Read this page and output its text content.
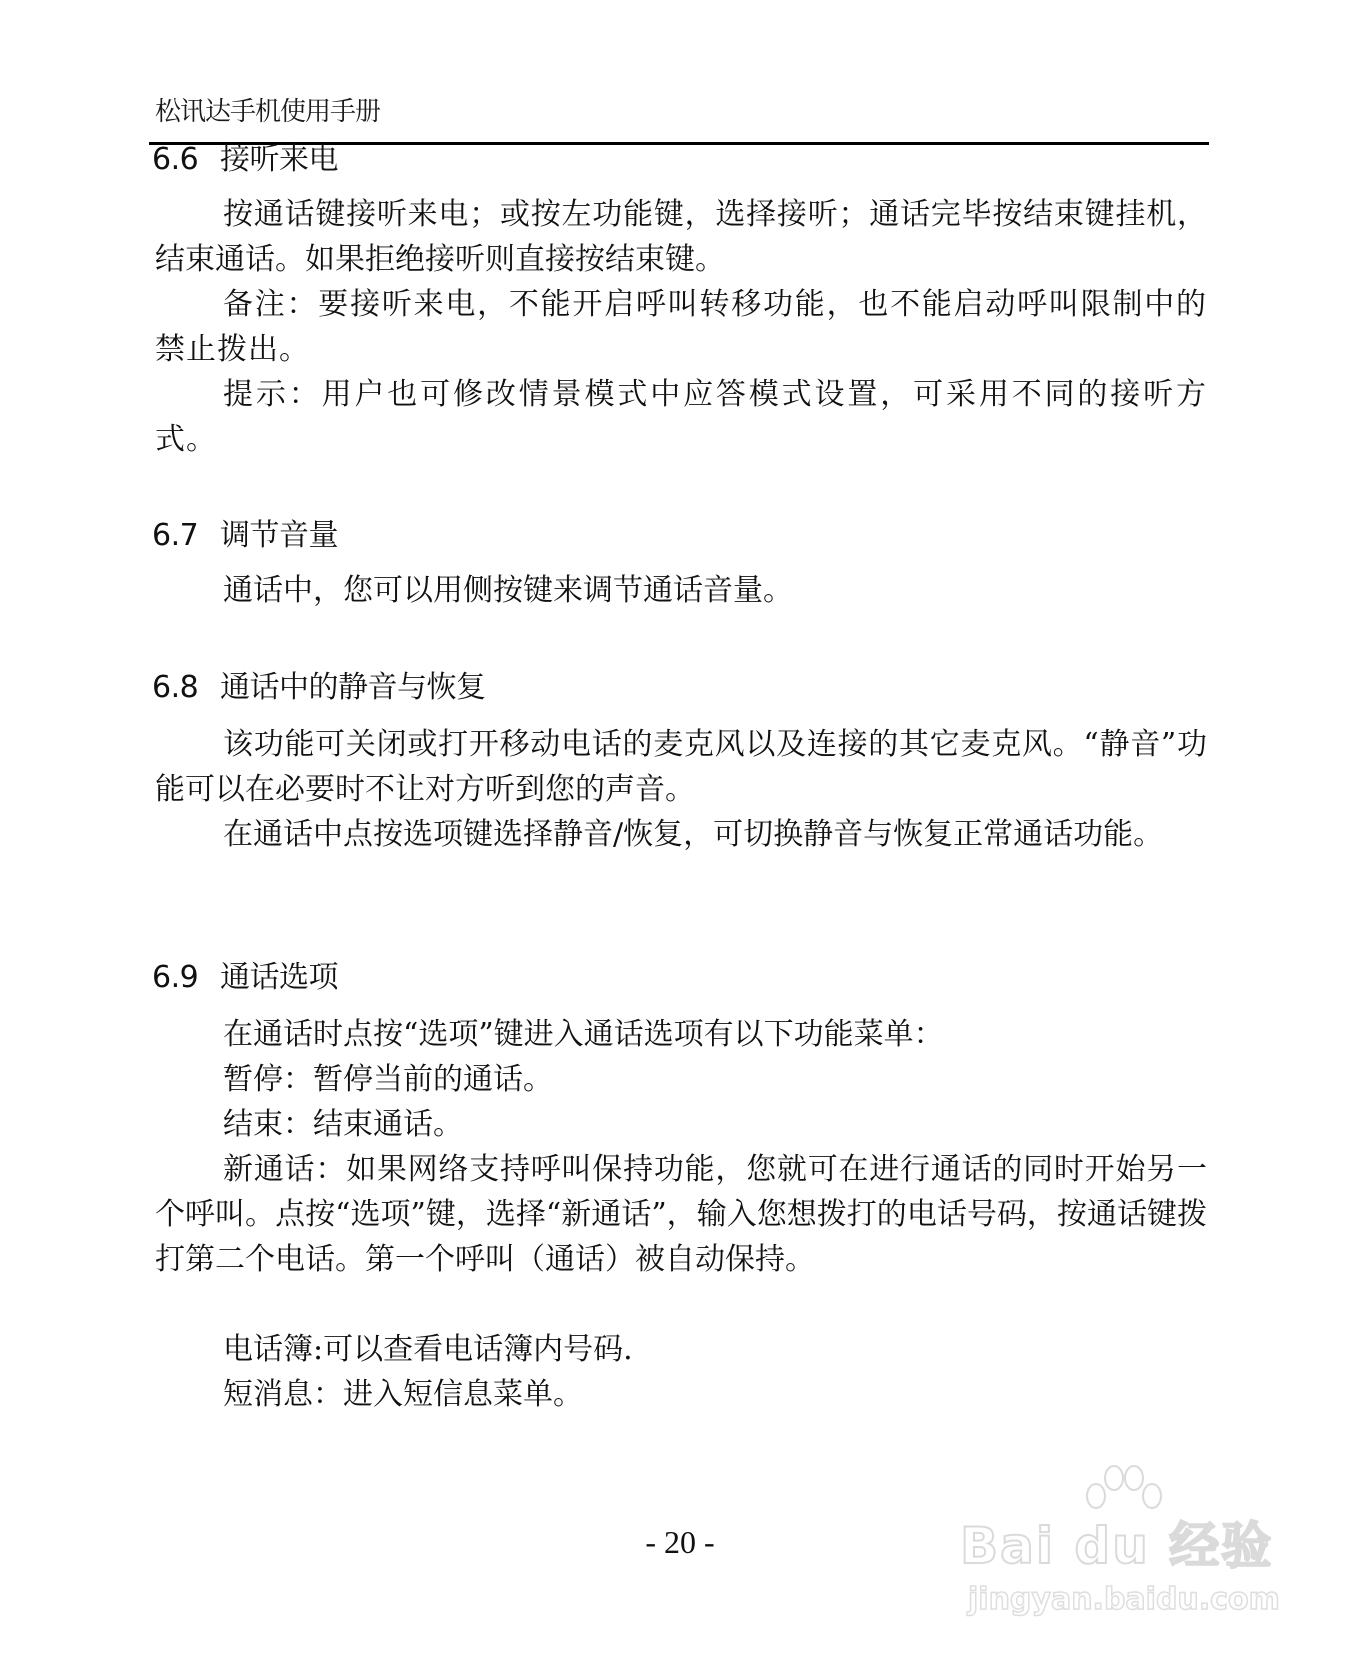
松讯达手机使用手册
6.6 接听来电
按通话键接听来电；或按左功能键，选择接听；通话完毕按结束键挂机，结束通话。如果拒绝接听则直接按结束键。
备注：要接听来电，不能开启呼叫转移功能，也不能启动呼叫限制中的禁止拨出。
提示：用户也可修改情景模式中应答模式设置，可采用不同的接听方式。
6.7 调节音量
通话中，您可以用侧按键来调节通话音量。
6.8 通话中的静音与恢复
该功能可关闭或打开移动电话的麦克风以及连接的其它麦克风。“静音”功能可以在必要时不让对方听到您的声音。
在通话中点按选项键选择静音/恢复，可切换静音与恢复正常通话功能。
6.9 通话选项
在通话时点按“选项”键进入通话选项有以下功能菜单：
暂停：暂停当前的通话。
结束：结束通话。
新通话：如果网络支持呼叫保持功能，您就可在进行通话的同时开始另一个呼叫。点按“选项”键，选择“新通话”，输入您想拨打的电话号码，按通话键拨打第二个电话。第一个呼叫（通话）被自动保持。
电话簿:可以查看电话簿内号码.
短消息：进入短信息菜单。
- 20 -	Bai du 经验
jingyan.baidu.com
